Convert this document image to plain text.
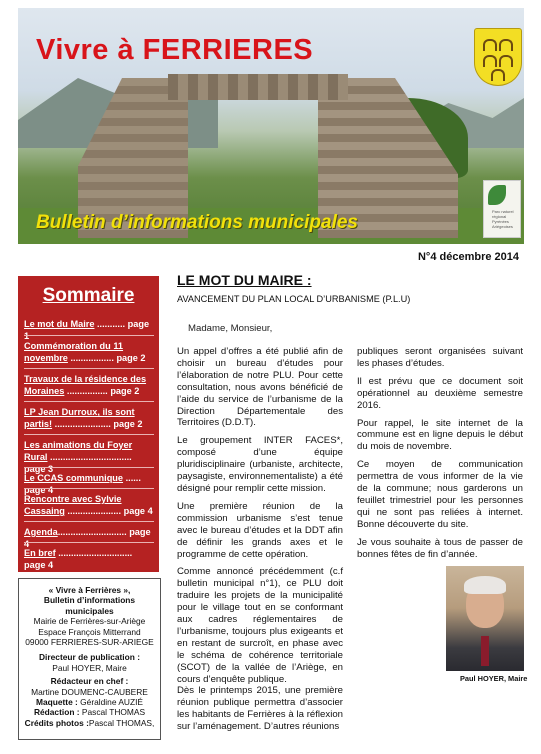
Vivre à FERRIERES
Bulletin d’informations municipales
Parc naturel régional Pyrénées Ariégeoises
N°4 décembre 2014
Sommaire
Le mot du Maire ........... page 1
Commémoration du 11 novembre ................. page 2
Travaux de la résidence des Moraines ................ page 2
LP Jean Durroux, ils sont partis! ...................... page 2
Les animations du Foyer Rural ................................ page 3
Le CCAS communique ...... page 4
Rencontre avec Sylvie Cassaing ..................... page 4
Agenda........................... page 4
En bref ............................. page 4
« Vivre à Ferrières »,
Bulletin d’informations municipales
Mairie de Ferrières-sur-Ariège
Espace François Mitterrand
09000 FERRIERES-SUR-ARIEGE
Directeur de publication :
Paul HOYER, Maire
Rédacteur en chef :
Martine DOUMENC-CAUBERE
Maquette : Géraldine AUZIÉ
Rédaction : Pascal THOMAS
Crédits photos :Pascal THOMAS,
LE MOT DU MAIRE :
AVANCEMENT DU PLAN LOCAL D’URBANISME (P.L.U)
Madame, Monsieur,

Un appel d’offres a été publié afin de choisir un bureau d’études pour l’élaboration de notre PLU. Pour cette consultation, nous avons bénéficié de l’aide du service de l’urbanisme de la Direction Départementale des Territoires (D.D.T).

Le groupement INTER FACES*, composé d’une équipe pluridisciplinaire (urbaniste, architecte, paysagiste, environnementaliste) a été désigné pour remplir cette mission.

Une première réunion de la commission urbanisme s’est tenue avec le bureau d’études et la DDT afin de définir les grands axes et le programme de cette opération.

Comme annoncé précédemment (c.f bulletin municipal n°1), ce PLU doit traduire les projets de la municipalité pour le village tout en se conformant aux cadres réglementaires de l’urbanisme, toujours plus exigeants et en restant de surcroît, en phase avec le schéma de cohérence territoriale (SCOT) de la vallée de l’Ariège, en cours d’enquête publique.

Dès le printemps 2015, une première réunion publique permettra d’associer les habitants de Ferrières à la réflexion sur l’aménagement. D’autres réunions

publiques seront organisées suivant les phases d’études.

Il est prévu que ce document soit opérationnel au deuxième semestre 2016.

Pour rappel, le site internet de la commune est en ligne depuis le début du mois de novembre.

Ce moyen de communication permettra de vous informer de la vie de la commune; nous garderons un feuillet trimestriel pour les personnes qui ne sont pas reliées à internet. Bonne découverte du site.

Je vous souhaite à tous de passer de bonnes fêtes de fin d’année.

Paul HOYER, Maire
